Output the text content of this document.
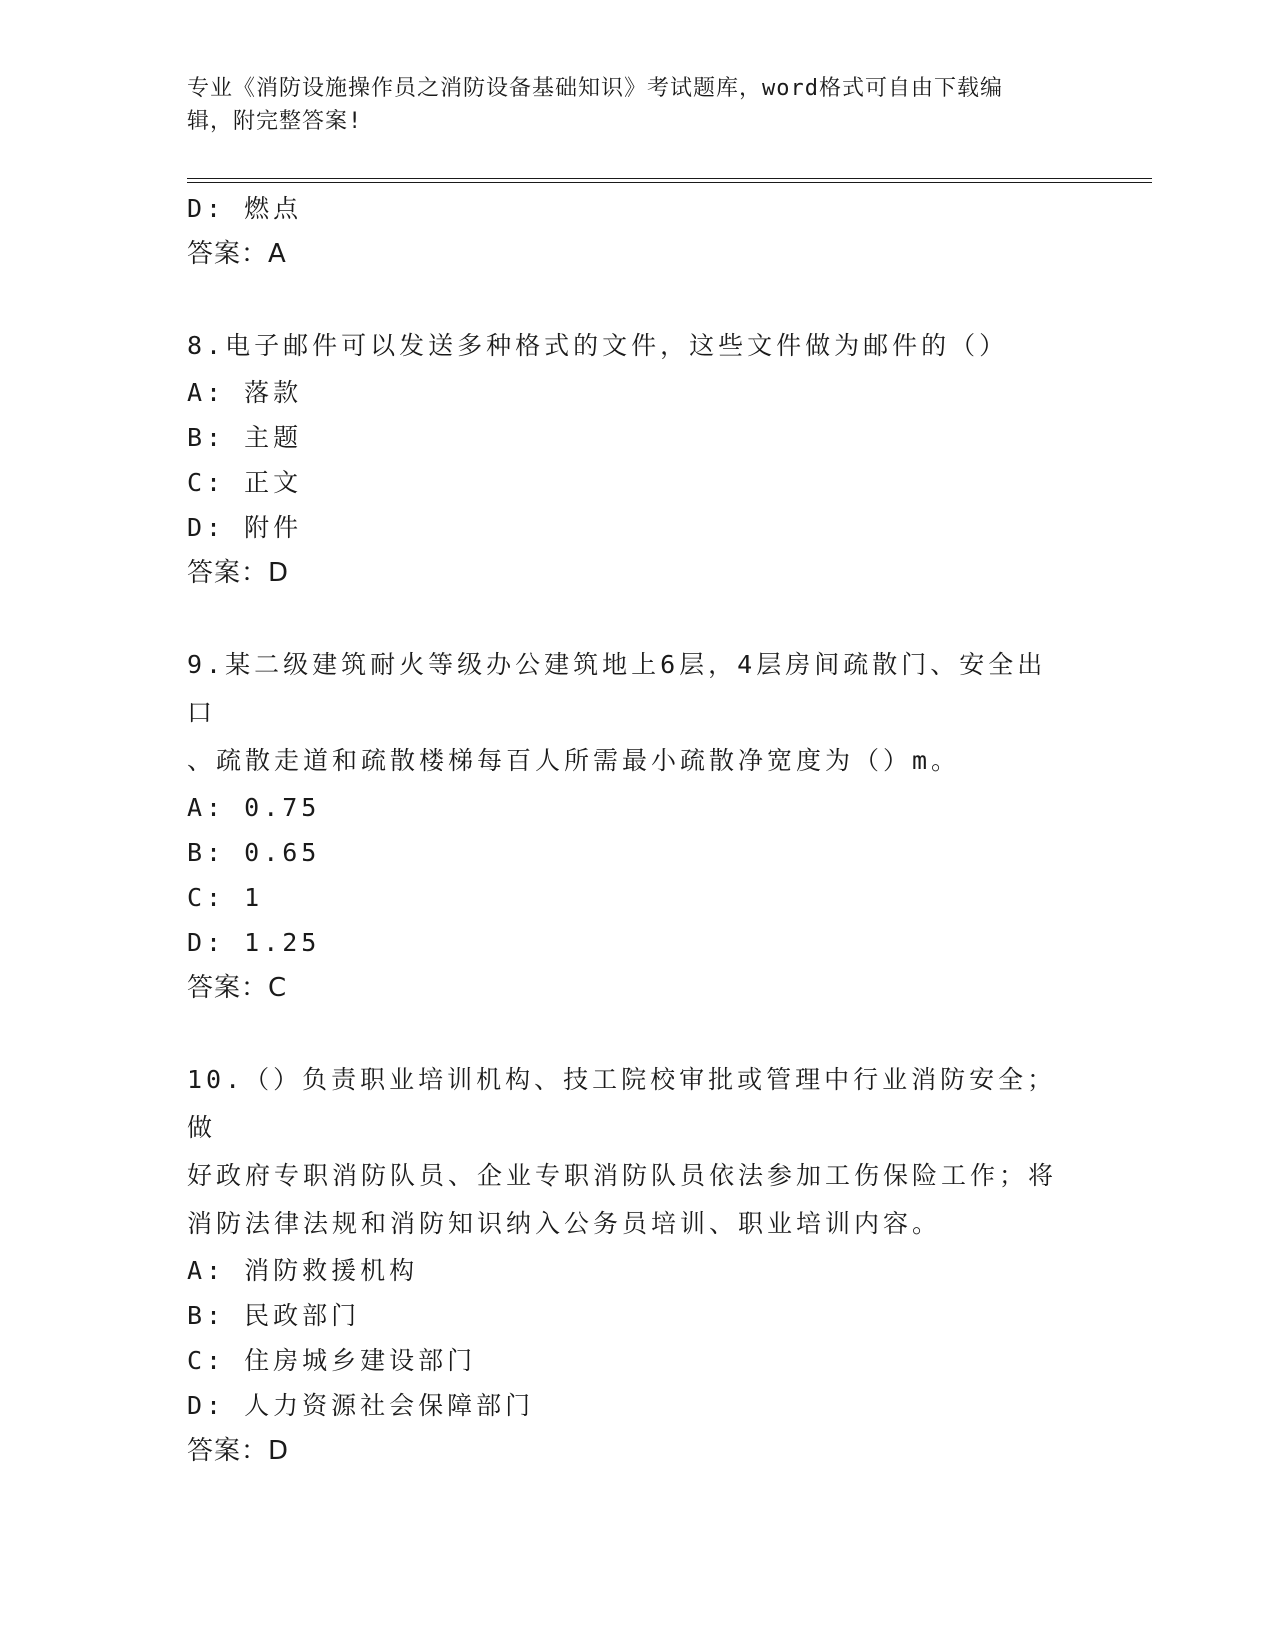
专业《消防设施操作员之消防设备基础知识》考试题库，word格式可自由下载编
辑，附完整答案!
D: 燃点
答案：A
8.电子邮件可以发送多种格式的文件，这些文件做为邮件的（）
A: 落款
B: 主题
C: 正文
D: 附件
答案：D
9.某二级建筑耐火等级办公建筑地上6层，4层房间疏散门、安全出口
、疏散走道和疏散楼梯每百人所需最小疏散净宽度为（）m。
A: 0.75
B: 0.65
C: 1
D: 1.25
答案：C
10.（）负责职业培训机构、技工院校审批或管理中行业消防安全；做
好政府专职消防队员、企业专职消防队员依法参加工伤保险工作；将
消防法律法规和消防知识纳入公务员培训、职业培训内容。
A: 消防救援机构
B: 民政部门
C: 住房城乡建设部门
D: 人力资源社会保障部门
答案：D
